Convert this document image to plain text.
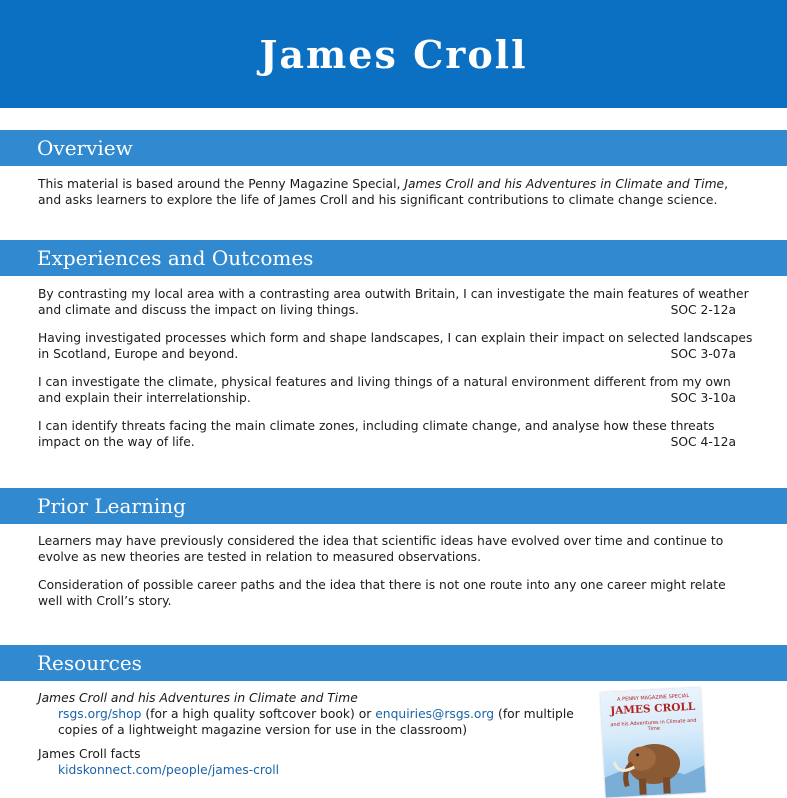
James Croll
Overview

This material is based around the Penny Magazine Special, James Croll and his Adventures in Climate and Time, and asks learners to explore the life of James Croll and his significant contributions to climate change science.

Experiences and Outcomes
By contrasting my local area with a contrasting area outwith Britain, I can investigate the main features of weather and climate and discuss the impact on living things.	SOC 2-12a
Having investigated processes which form and shape landscapes, I can explain their impact on selected landscapes in Scotland, Europe and beyond.	SOC 3-07a
I can investigate the climate, physical features and living things of a natural environment different from my own and explain their interrelationship.	SOC 3-10a
I can identify threats facing the main climate zones, including climate change, and analyse how these threats impact on the way of life.	SOC 4-12a
Prior Learning

Learners may have previously considered the idea that scientific ideas have evolved over time and continue to evolve as new theories are tested in relation to measured observations.

Consideration of possible career paths and the idea that there is not one route into any one career might relate well with Croll’s story.

Resources
James Croll and his Adventures in Climate and Time
rsgs.org/shop (for a high quality softcover book) or enquiries@rsgs.org (for multiple copies of a lightweight magazine version for use in the classroom)
James Croll facts
kidskonnect.com/people/james-croll
A PENNY MAGAZINE SPECIAL
JAMES CROLL
and his Adventures in Climate and Time
